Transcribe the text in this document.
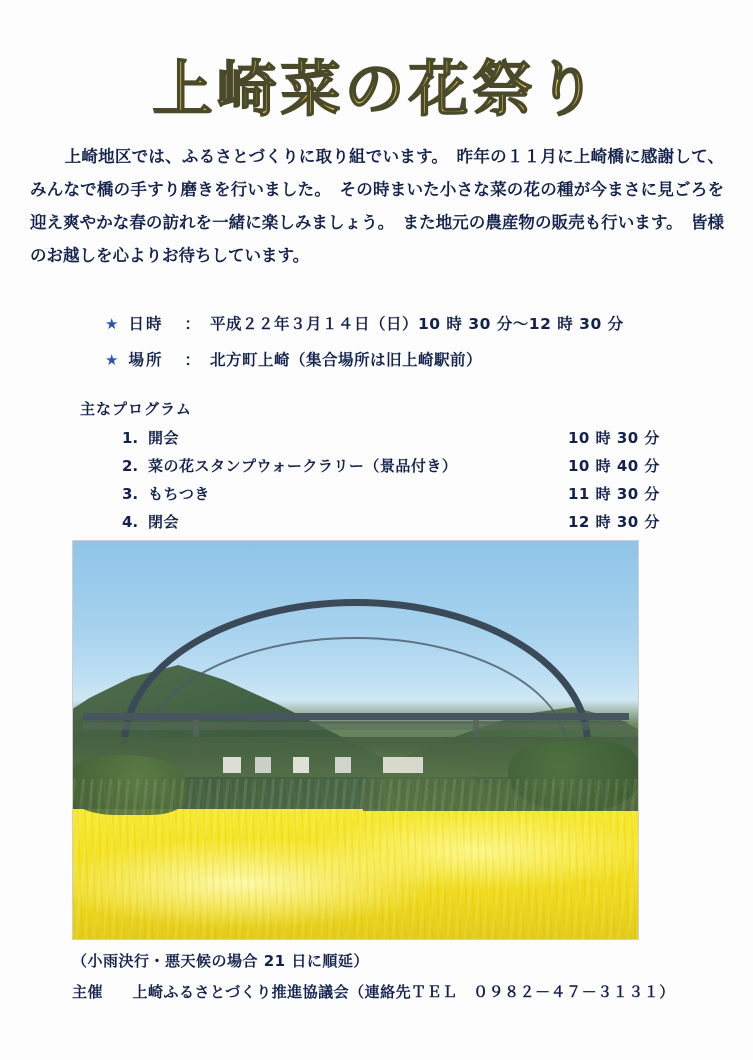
上崎菜の花祭り
上崎地区では、ふるさとづくりに取り組でいます。　昨年の１１月に上崎橋に感謝して、みんなで橋の手すり磨きを行いました。　その時まいた小さな菜の花の種が今まさに見ごろを迎え爽やかな春の訪れを一緒に楽しみましょう。　また地元の農産物の販売も行います。　皆様のお越しを心よりお待ちしています。
★ 日時	： 平成２２年３月１４日（日）10 時 30 分～12 時 30 分
★ 場所	： 北方町上崎（集合場所は旧上崎駅前）
主なプログラム
1. 開会	10 時 30 分
2. 菜の花スタンプウォークラリー（景品付き）	10 時 40 分
3. もちつき	11 時 30 分
4. 閉会	12 時 30 分
（小雨決行・悪天候の場合 21 日に順延）
主催 上崎ふるさとづくり推進協議会（連絡先ＴＥＬ　０９８２－４７－３１３１）
